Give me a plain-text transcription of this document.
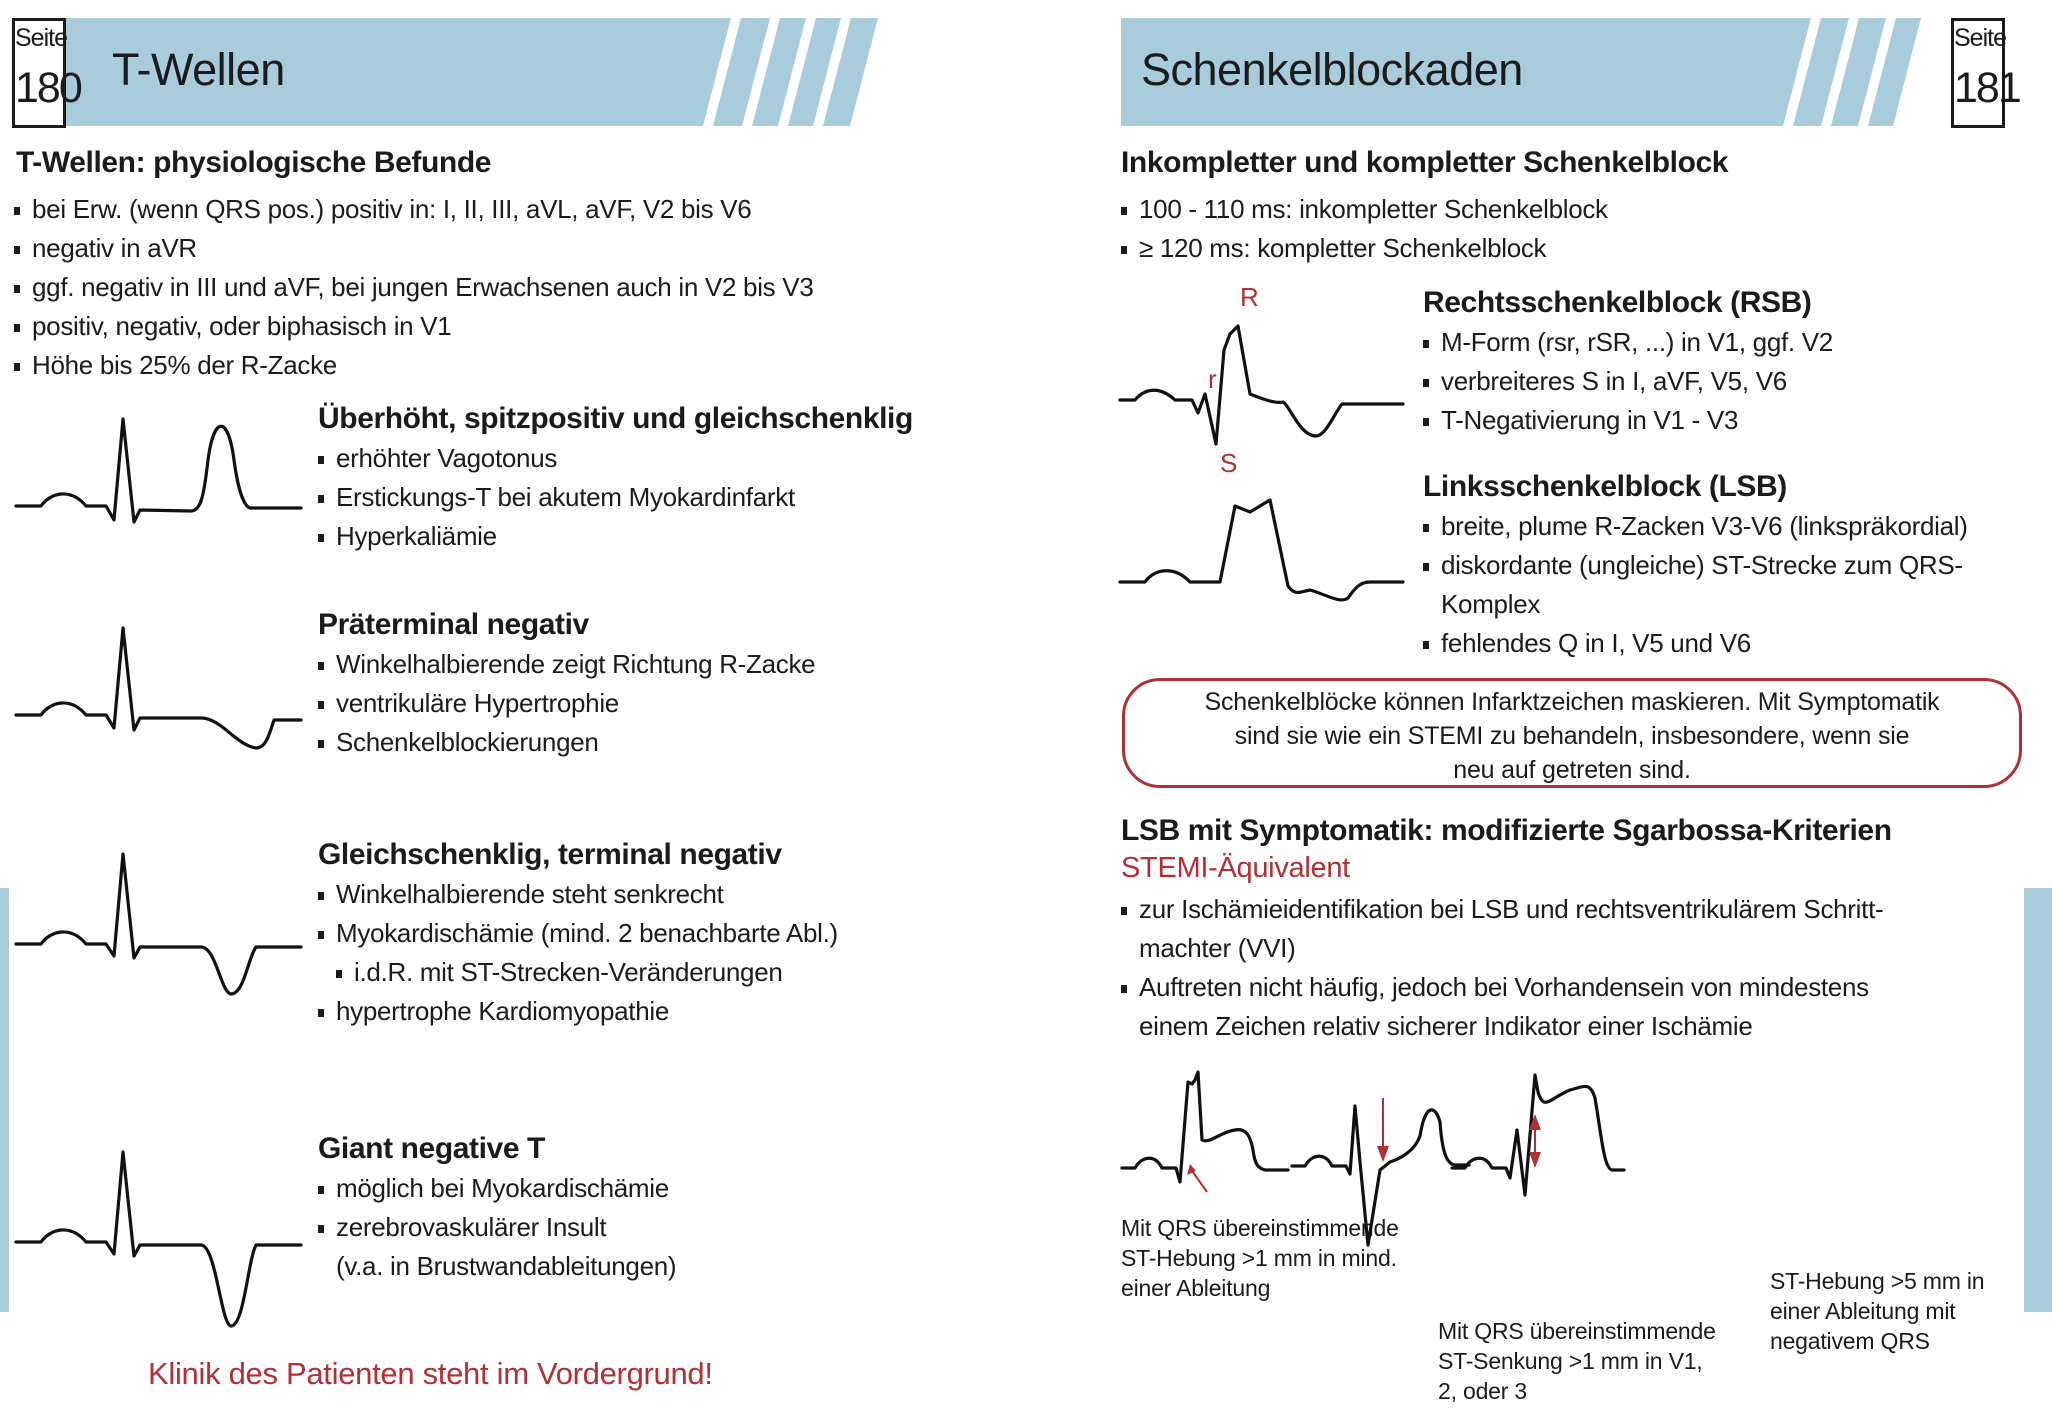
Seite
180 T-Wellen
T-Wellen: physiologische Befunde
bei Erw. (wenn QRS pos.) positiv in: I, II, III, aVL, aVF, V2 bis V6
negativ in aVR
ggf. negativ in III und aVF, bei jungen Erwachsenen auch in V2 bis V3
positiv, negativ, oder biphasisch in V1
Höhe bis 25% der R-Zacke
Überhöht, spitzpositiv und gleichschenklig
erhöhter Vagotonus
Erstickungs-T bei akutem Myokardinfarkt
Hyperkaliämie
Präterminal negativ
Winkelhalbierende zeigt Richtung R-Zacke
ventrikuläre Hypertrophie
Schenkelblockierungen
Gleichschenklig, terminal negativ
Winkelhalbierende steht senkrecht
Myokardischämie (mind. 2 benachbarte Abl.)
i.d.R. mit ST-Strecken-Veränderungen
hypertrophe Kardiomyopathie
Giant negative T
möglich bei Myokardischämie
zerebrovaskulärer Insult
(v.a. in Brustwandableitungen)
Klinik des Patienten steht im Vordergrund!
Seite
181
Schenkelblockaden
Inkompletter und kompletter Schenkelblock
100 - 110 ms: inkompletter Schenkelblock
≥ 120 ms: kompletter Schenkelblock
R
r
S
Rechtsschenkelblock (RSB)
M-Form (rsr, rSR, ...) in V1, ggf. V2
verbreiteres S in I, aVF, V5, V6
T-Negativierung in V1 - V3
Linksschenkelblock (LSB)
breite, plume R-Zacken V3-V6 (linkspräkordial)
diskordante (ungleiche) ST-Strecke zum QRS-
Komplex
fehlendes Q in I, V5 und V6
Schenkelblöcke können Infarktzeichen maskieren. Mit Symptomatik
sind sie wie ein STEMI zu behandeln, insbesondere, wenn sie
neu auf getreten sind.
LSB mit Symptomatik: modifizierte Sgarbossa-Kriterien
STEMI-Äquivalent
zur Ischämieidentifikation bei LSB und rechtsventrikulärem Schritt-
machter (VVI)
Auftreten nicht häufig, jedoch bei Vorhandensein von mindestens
einem Zeichen relativ sicherer Indikator einer Ischämie
Mit QRS übereinstimmende
ST-Hebung >1 mm in mind.
einer Ableitung
Mit QRS übereinstimmende
ST-Senkung >1 mm in V1,
2, oder 3
ST-Hebung >5 mm in
einer Ableitung mit
negativem QRS
